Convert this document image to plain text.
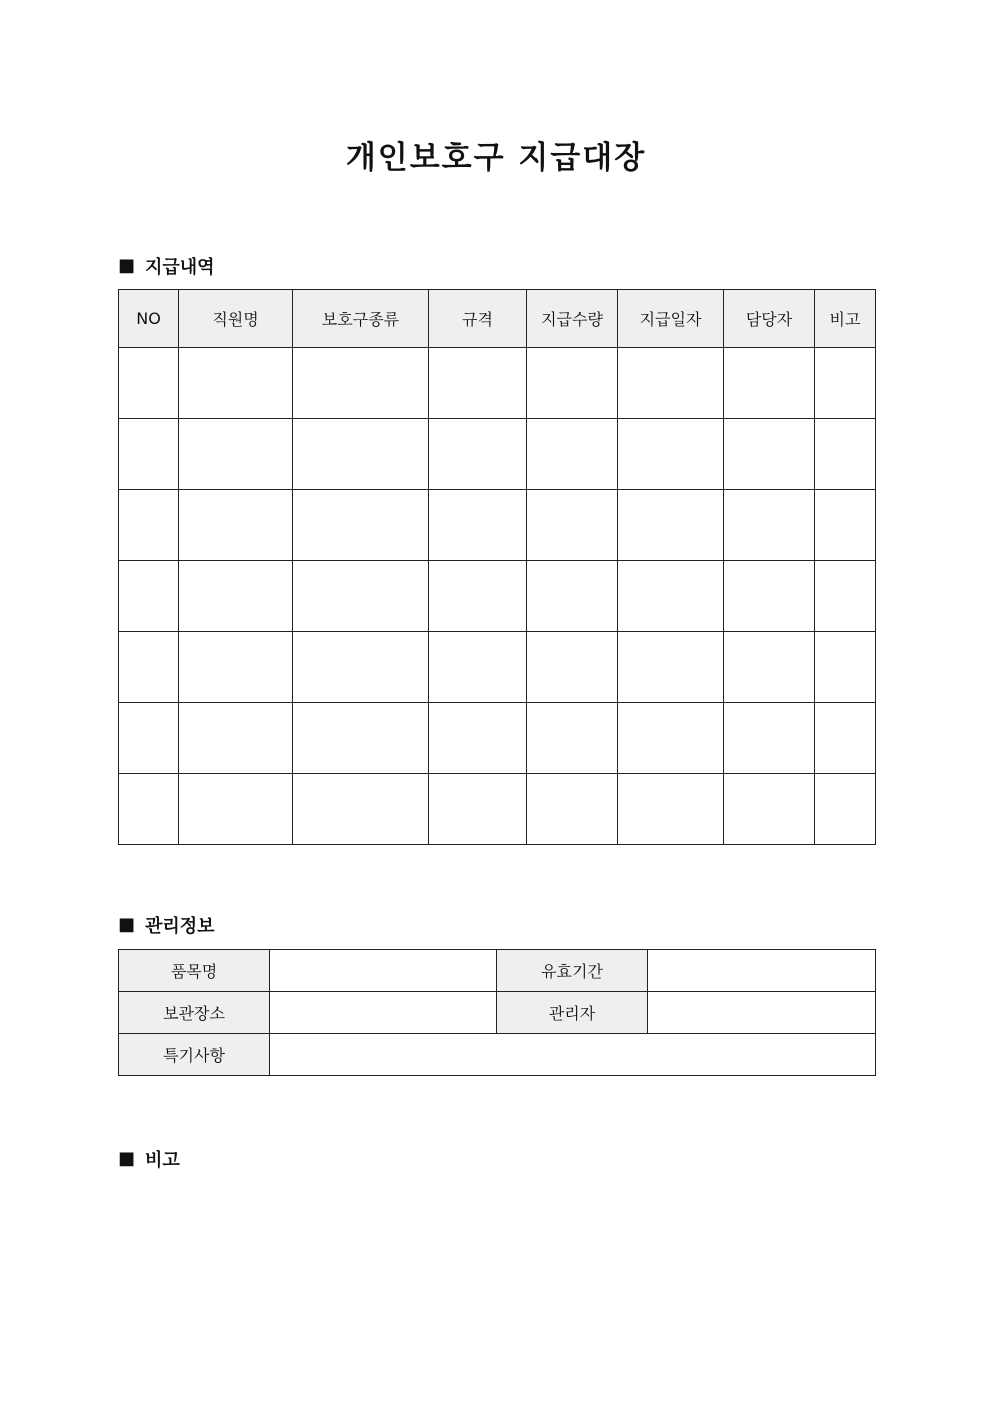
개인보호구 지급대장
■ 지급내역
NO	직원명	보호구종류	규격	지급수량	지급일자	담당자	비고

■ 관리정보
품목명		유효기간	
보관장소		관리자	
특기사항			
■ 비고
